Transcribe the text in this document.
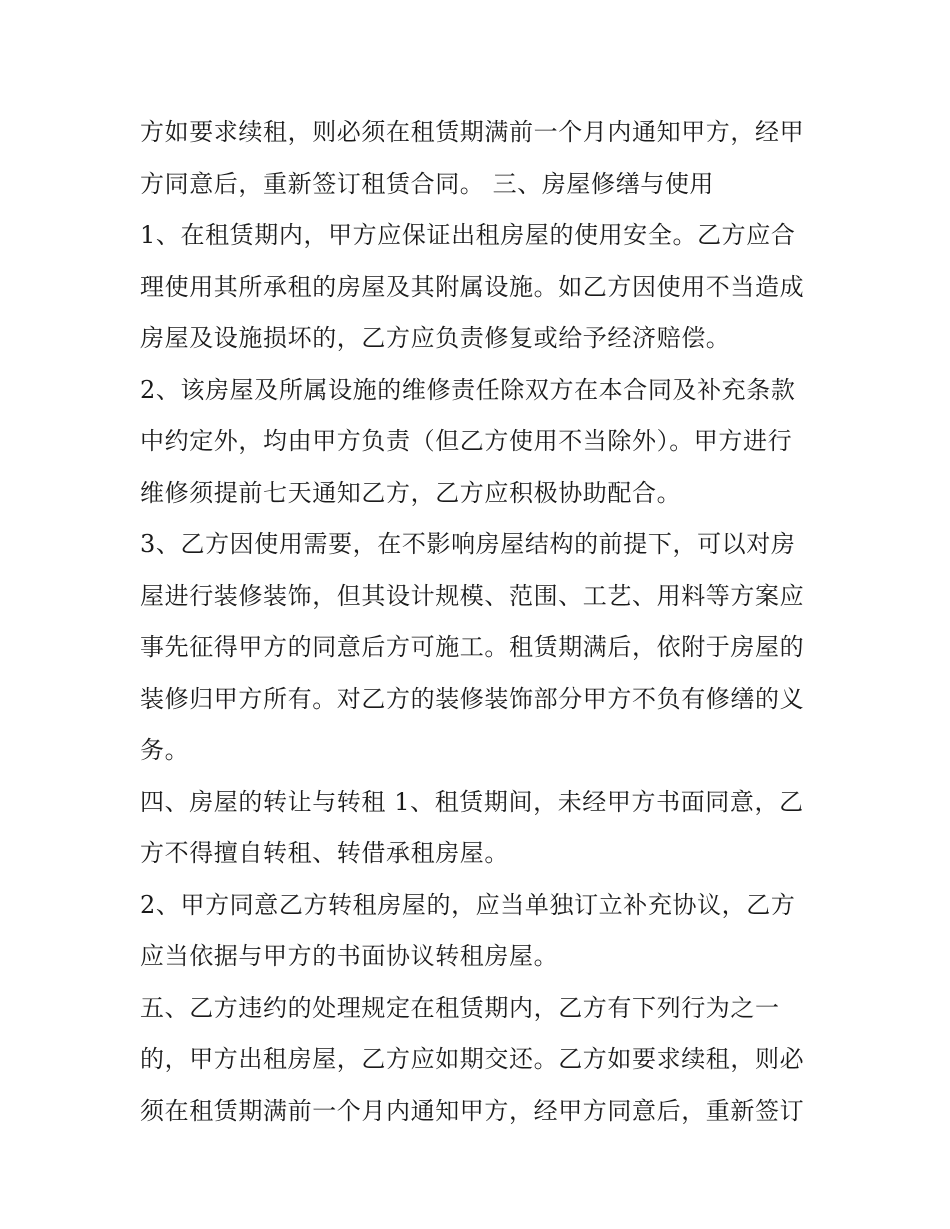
方如要求续租，则必须在租赁期满前一个月内通知甲方，经甲
方同意后，重新签订租赁合同。 三、房屋修缮与使用
1、在租赁期内，甲方应保证出租房屋的使用安全。乙方应合
理使用其所承租的房屋及其附属设施。如乙方因使用不当造成
房屋及设施损坏的，乙方应负责修复或给予经济赔偿。
2、该房屋及所属设施的维修责任除双方在本合同及补充条款
中约定外，均由甲方负责（但乙方使用不当除外）。甲方进行
维修须提前七天通知乙方，乙方应积极协助配合。
3、乙方因使用需要，在不影响房屋结构的前提下，可以对房
屋进行装修装饰，但其设计规模、范围、工艺、用料等方案应
事先征得甲方的同意后方可施工。租赁期满后，依附于房屋的
装修归甲方所有。对乙方的装修装饰部分甲方不负有修缮的义
务。
四、房屋的转让与转租 1、租赁期间，未经甲方书面同意，乙
方不得擅自转租、转借承租房屋。
2、甲方同意乙方转租房屋的，应当单独订立补充协议，乙方
应当依据与甲方的书面协议转租房屋。
五、乙方违约的处理规定在租赁期内，乙方有下列行为之一
的，甲方出租房屋，乙方应如期交还。乙方如要求续租，则必
须在租赁期满前一个月内通知甲方，经甲方同意后，重新签订
